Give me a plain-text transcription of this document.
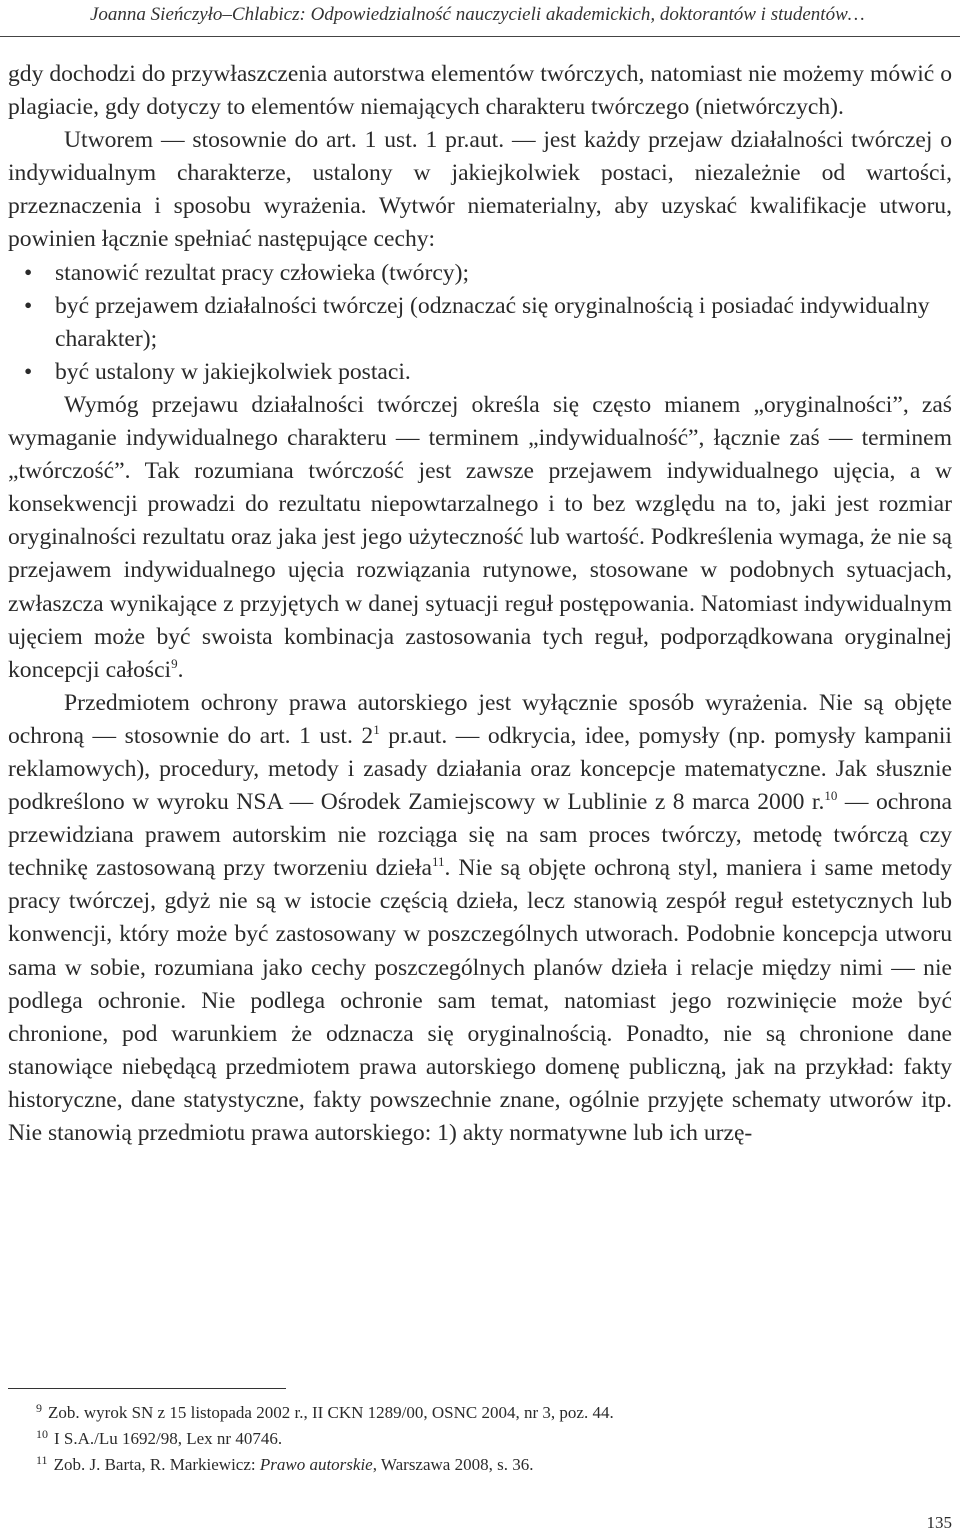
Joanna Sieńczyło–Chlabicz: Odpowiedzialność nauczycieli akademickich, doktorantów i studentów…

gdy dochodzi do przywłaszczenia autorstwa elementów twórczych, natomiast nie możemy mówić o plagiacie, gdy dotyczy to elementów niemających charakteru twórczego (nietwórczych).

Utworem — stosownie do art. 1 ust. 1 pr.aut. — jest każdy przejaw działalności twórczej o indywidualnym charakterze, ustalony w jakiejkolwiek postaci, niezależnie od wartości, przeznaczenia i sposobu wyrażenia. Wytwór niematerialny, aby uzyskać kwalifikacje utworu, powinien łącznie spełniać następujące cechy:

• stanowić rezultat pracy człowieka (twórcy);
• być przejawem działalności twórczej (odznaczać się oryginalnością i posiadać indywidualny charakter);
• być ustalony w jakiejkolwiek postaci.

Wymóg przejawu działalności twórczej określa się często mianem „oryginalności”, zaś wymaganie indywidualnego charakteru — terminem „indywidualność”, łącznie zaś — terminem „twórczość”. Tak rozumiana twórczość jest zawsze przejawem indywidualnego ujęcia, a w konsekwencji prowadzi do rezultatu niepowtarzalnego i to bez względu na to, jaki jest rozmiar oryginalności rezultatu oraz jaka jest jego użyteczność lub wartość. Podkreślenia wymaga, że nie są przejawem indywidualnego ujęcia rozwiązania rutynowe, stosowane w podobnych sytuacjach, zwłaszcza wynikające z przyjętych w danej sytuacji reguł postępowania. Natomiast indywidualnym ujęciem może być swoista kombinacja zastosowania tych reguł, podporządkowana oryginalnej koncepcji całości$^9$.

Przedmiotem ochrony prawa autorskiego jest wyłącznie sposób wyrażenia. Nie są objęte ochroną — stosownie do art. 1 ust. $2^1$ pr.aut. — odkrycia, idee, pomysły (np. pomysły kampanii reklamowych), procedury, metody i zasady działania oraz koncepcje matematyczne. Jak słusznie podkreślono w wyroku NSA — Ośrodek Zamiejscowy w Lublinie z 8 marca 2000 r.$^{10}$ — ochrona przewidziana prawem autorskim nie rozciąga się na sam proces twórczy, metodę twórczą czy technikę zastosowaną przy tworzeniu dzieła$^{11}$. Nie są objęte ochroną styl, maniera i same metody pracy twórczej, gdyż nie są w istocie częścią dzieła, lecz stanowią zespół reguł estetycznych lub konwencji, który może być zastosowany w poszczególnych utworach. Podobnie koncepcja utworu sama w sobie, rozumiana jako cechy poszczególnych planów dzieła i relacje między nimi — nie podlega ochronie. Nie podlega ochronie sam temat, natomiast jego rozwinięcie może być chronione, pod warunkiem że odznacza się oryginalnością. Ponadto, nie są chronione dane stanowiące niebędącą przedmiotem prawa autorskiego domenę publiczną, jak na przykład: fakty historyczne, dane statystyczne, fakty powszechnie znane, ogólnie przyjęte schematy utworów itp. Nie stanowią przedmiotu prawa autorskiego: 1) akty normatywne lub ich urzę-

$^9$ Zob. wyrok SN z 15 listopada 2002 r., II CKN 1289/00, OSNC 2004, nr 3, poz. 44.

$^{10}$ I S.A./Lu 1692/98, Lex nr 40746.

$^{11}$ Zob. J. Barta, R. Markiewicz: Prawo autorskie, Warszawa 2008, s. 36.

135
